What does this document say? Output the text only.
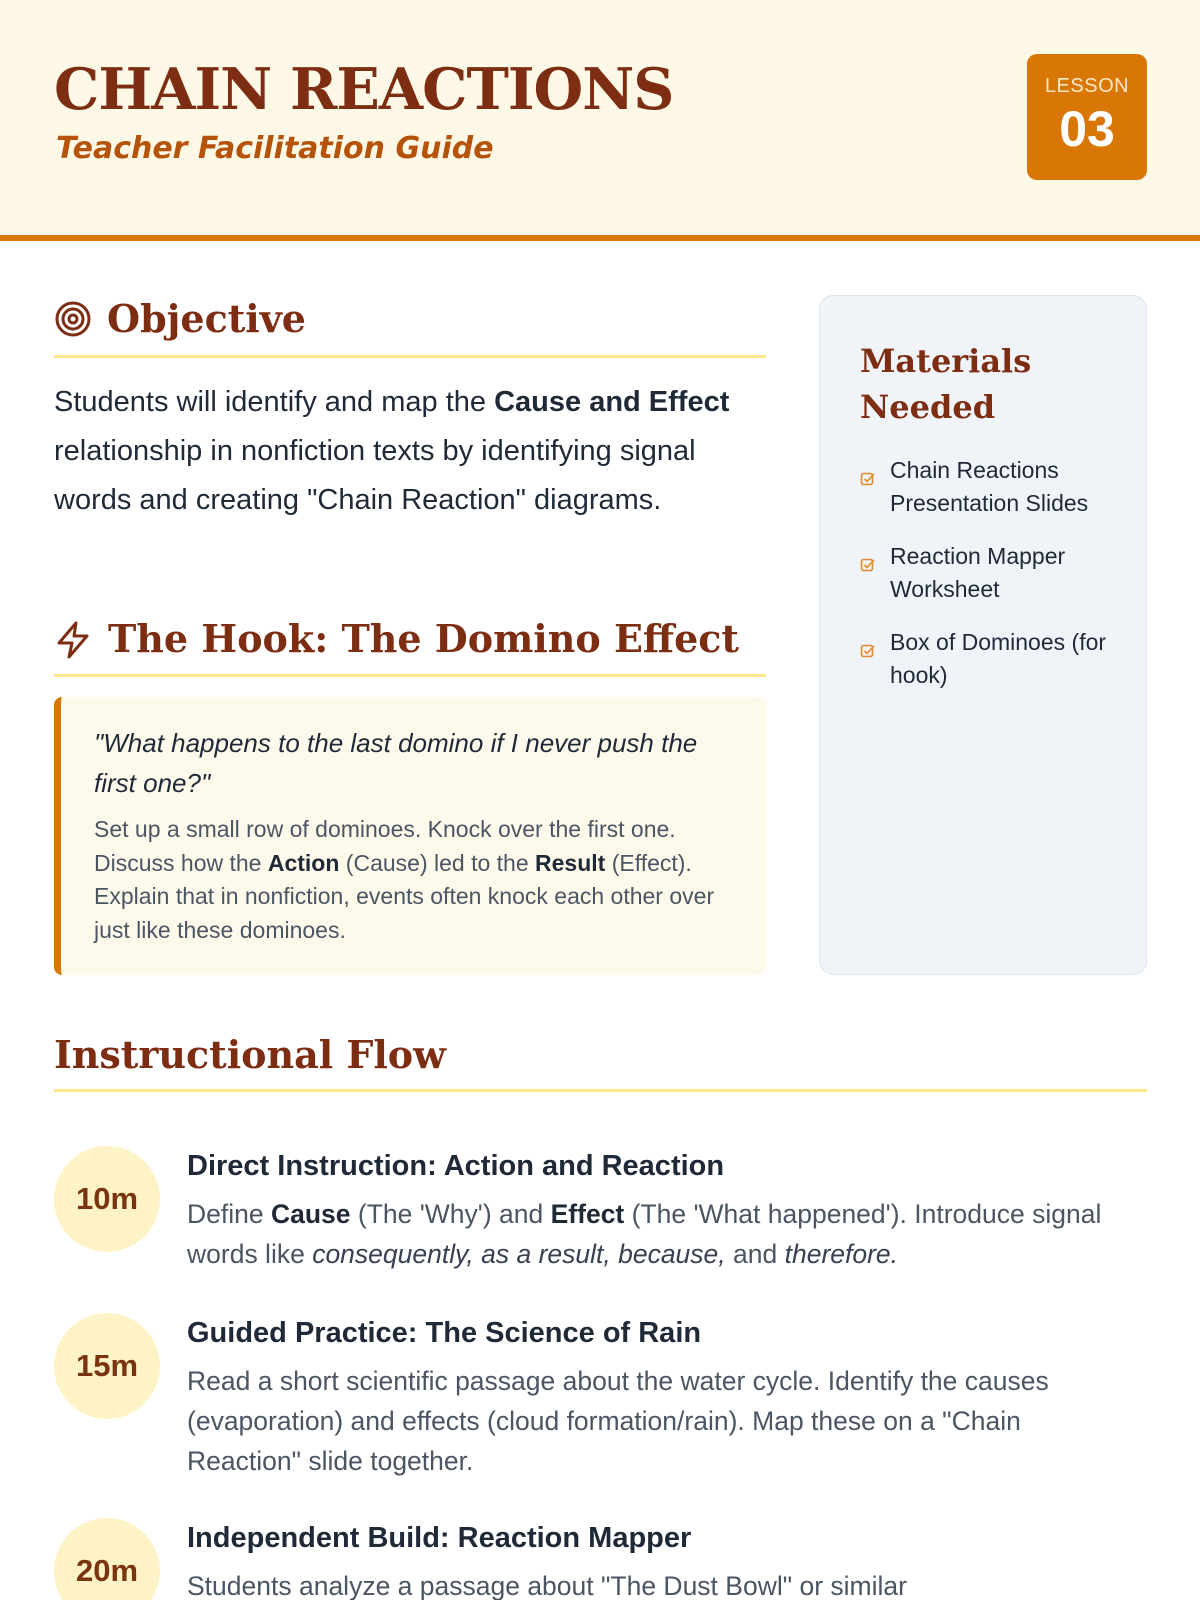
CHAIN REACTIONS
Teacher Facilitation Guide
LESSON
03
Objective
Students will identify and map the Cause and Effect relationship in nonfiction texts by identifying signal words and creating "Chain Reaction" diagrams.
The Hook: The Domino Effect
"What happens to the last domino if I never push the first one?"
Set up a small row of dominoes. Knock over the first one. Discuss how the Action (Cause) led to the Result (Effect). Explain that in nonfiction, events often knock each other over just like these dominoes.
Materials Needed
Chain Reactions Presentation Slides
Reaction Mapper Worksheet
Box of Dominoes (for hook)
Instructional Flow
10m
Direct Instruction: Action and Reaction
Define Cause (The 'Why') and Effect (The 'What happened'). Introduce signal words like consequently, as a result, because, and therefore.
15m
Guided Practice: The Science of Rain
Read a short scientific passage about the water cycle. Identify the causes (evaporation) and effects (cloud formation/rain). Map these on a "Chain Reaction" slide together.
20m
Independent Build: Reaction Mapper
Students analyze a passage about "The Dust Bowl" or similar
